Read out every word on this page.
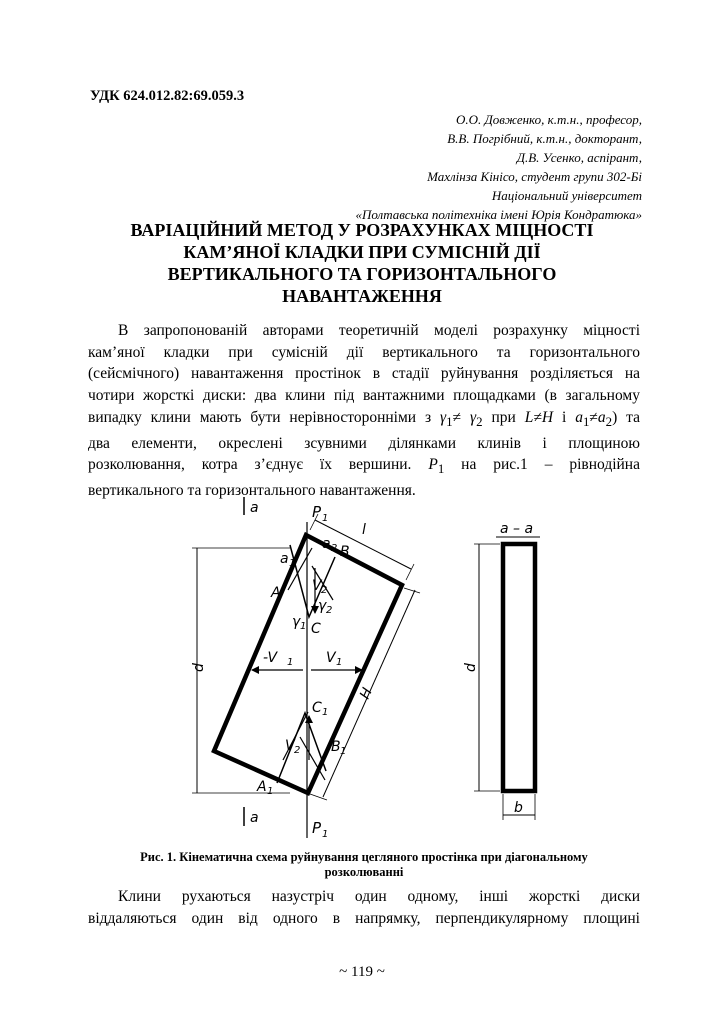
УДК 624.012.82:69.059.3
О.О. Довженко, к.т.н., професор,
В.В. Погрібний, к.т.н., докторант,
Д.В. Усенко, аспірант,
Махлінза Кінісо, студент групи 302-Бі
Національний університет
«Полтавська політехніка імені Юрія Кондратюка»
ВАРІАЦІЙНИЙ МЕТОД У РОЗРАХУНКАХ МІЦНОСТІ
КАМ’ЯНОЇ КЛАДКИ ПРИ СУМІСНІЙ ДІЇ
ВЕРТИКАЛЬНОГО ТА ГОРИЗОНТАЛЬНОГО
НАВАНТАЖЕННЯ
В запропонованій авторами теоретичній моделі розрахунку міцності
кам’яної кладки при сумісній дії вертикального та горизонтального
(сейсмічного) навантаження простінок в стадії руйнування розділяється на
чотири жорсткі диски: два клини під вантажними площадками (в загальному
випадку клини мають бути нерівносторонніми з $\gamma_1\ne \gamma_2$ при L≠H і $a_1\ne a_2$) та
два елементи, окреслені зсувними ділянками клинів і площиною
розколювання, котра з’єднує їх вершини. $P_1$ на рис.1 – рівнодійна
вертикального та горизонтального навантаження.
a
a
P 1
P 1
l
a 1
a 2 B
A V 2
γ 2
γ 1 C
-V 1 V 1
d
H
C 1
V 2 B 1
A 1
a – a
d
b
Рис. 1. Кінематична схема руйнування цегляного простінка при діагональному
розколюванні
Клини рухаються назустріч один одному, інші жорсткі диски
віддаляються один від одного в напрямку, перпендикулярному площині
~ 119 ~
